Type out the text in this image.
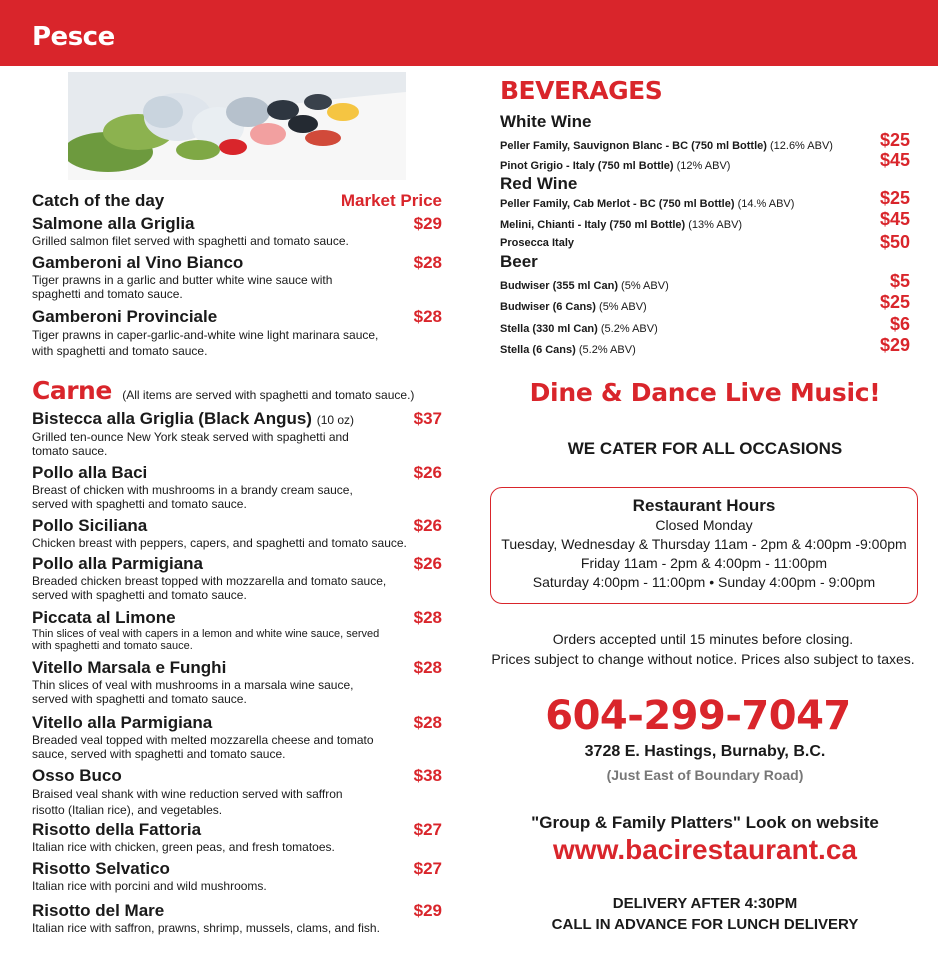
Pesce
Catch of the day	Market Price
Salmone alla Griglia	$29
Grilled salmon filet served with spaghetti and tomato sauce.
Gamberoni al Vino Bianco	$28
Tiger prawns in a garlic and butter white wine sauce with spaghetti and tomato sauce.
Gamberoni Provinciale	$28
Tiger prawns in caper-garlic-and-white wine light marinara sauce, with spaghetti and tomato sauce.
Carne (All items are served with spaghetti and tomato sauce.)
Bistecca alla Griglia (Black Angus) (10 oz)	$37
Grilled ten-ounce New York steak served with spaghetti and tomato sauce.
Pollo alla Baci	$26
Breast of chicken with mushrooms in a brandy cream sauce, served with spaghetti and tomato sauce.
Pollo Siciliana	$26
Chicken breast with peppers, capers, and spaghetti and tomato sauce.
Pollo alla Parmigiana	$26
Breaded chicken breast topped with mozzarella and tomato sauce, served with spaghetti and tomato sauce.
Piccata al Limone	$28
Thin slices of veal with capers in a lemon and white wine sauce, served with spaghetti and tomato sauce.
Vitello Marsala e Funghi	$28
Thin slices of veal with mushrooms in a marsala wine sauce, served with spaghetti and tomato sauce.
Vitello alla Parmigiana	$28
Breaded veal topped with melted mozzarella cheese and tomato sauce, served with spaghetti and tomato sauce.
Osso Buco	$38
Braised veal shank with wine reduction served with saffron risotto (Italian rice), and vegetables.
Risotto della Fattoria	$27
Italian rice with chicken, green peas, and fresh tomatoes.
Risotto Selvatico	$27
Italian rice with porcini and wild mushrooms.
Risotto del Mare	$29
Italian rice with saffron, prawns, shrimp, mussels, clams, and fish.
BEVERAGES
White Wine
Peller Family, Sauvignon Blanc - BC (750 ml Bottle) (12.6% ABV)	$25
Pinot Grigio - Italy (750 ml Bottle) (12% ABV)	$45
Red Wine
Peller Family, Cab Merlot - BC (750 ml Bottle) (14.% ABV)	$25
Melini, Chianti - Italy (750 ml Bottle) (13% ABV)	$45
Prosecca Italy	$50
Beer
Budwiser (355 ml Can) (5% ABV)	$5
Budwiser (6 Cans) (5% ABV)	$25
Stella (330 ml Can) (5.2% ABV)	$6
Stella (6 Cans) (5.2% ABV)	$29
Dine & Dance Live Music!
WE CATER FOR ALL OCCASIONS
Restaurant Hours
Closed Monday
Tuesday, Wednesday & Thursday 11am - 2pm & 4:00pm -9:00pm
Friday 11am - 2pm & 4:00pm - 11:00pm
Saturday 4:00pm - 11:00pm • Sunday 4:00pm - 9:00pm
Orders accepted until 15 minutes before closing.
Prices subject to change without notice. Prices also subject to taxes.
604-299-7047
3728 E. Hastings, Burnaby, B.C.
(Just East of Boundary Road)
"Group & Family Platters" Look on website
www.bacirestaurant.ca
DELIVERY AFTER 4:30PM
CALL IN ADVANCE FOR LUNCH DELIVERY
